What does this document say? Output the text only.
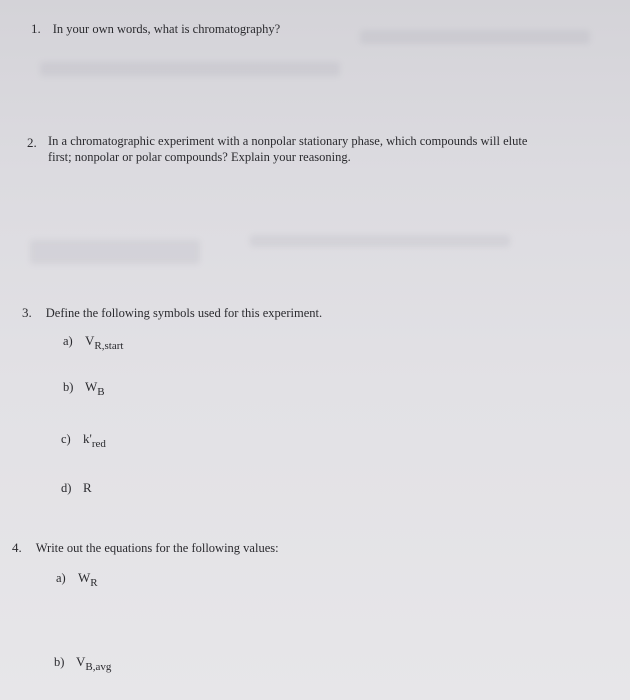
1. In your own words, what is chromatography?
2. In a chromatographic experiment with a nonpolar stationary phase, which compounds will elute
first; nonpolar or polar compounds? Explain your reasoning.
3. Define the following symbols used for this experiment.
a) VR,start
b) WB
c) k'red
d) R
4. Write out the equations for the following values:
a) WR
b) VB,avg
